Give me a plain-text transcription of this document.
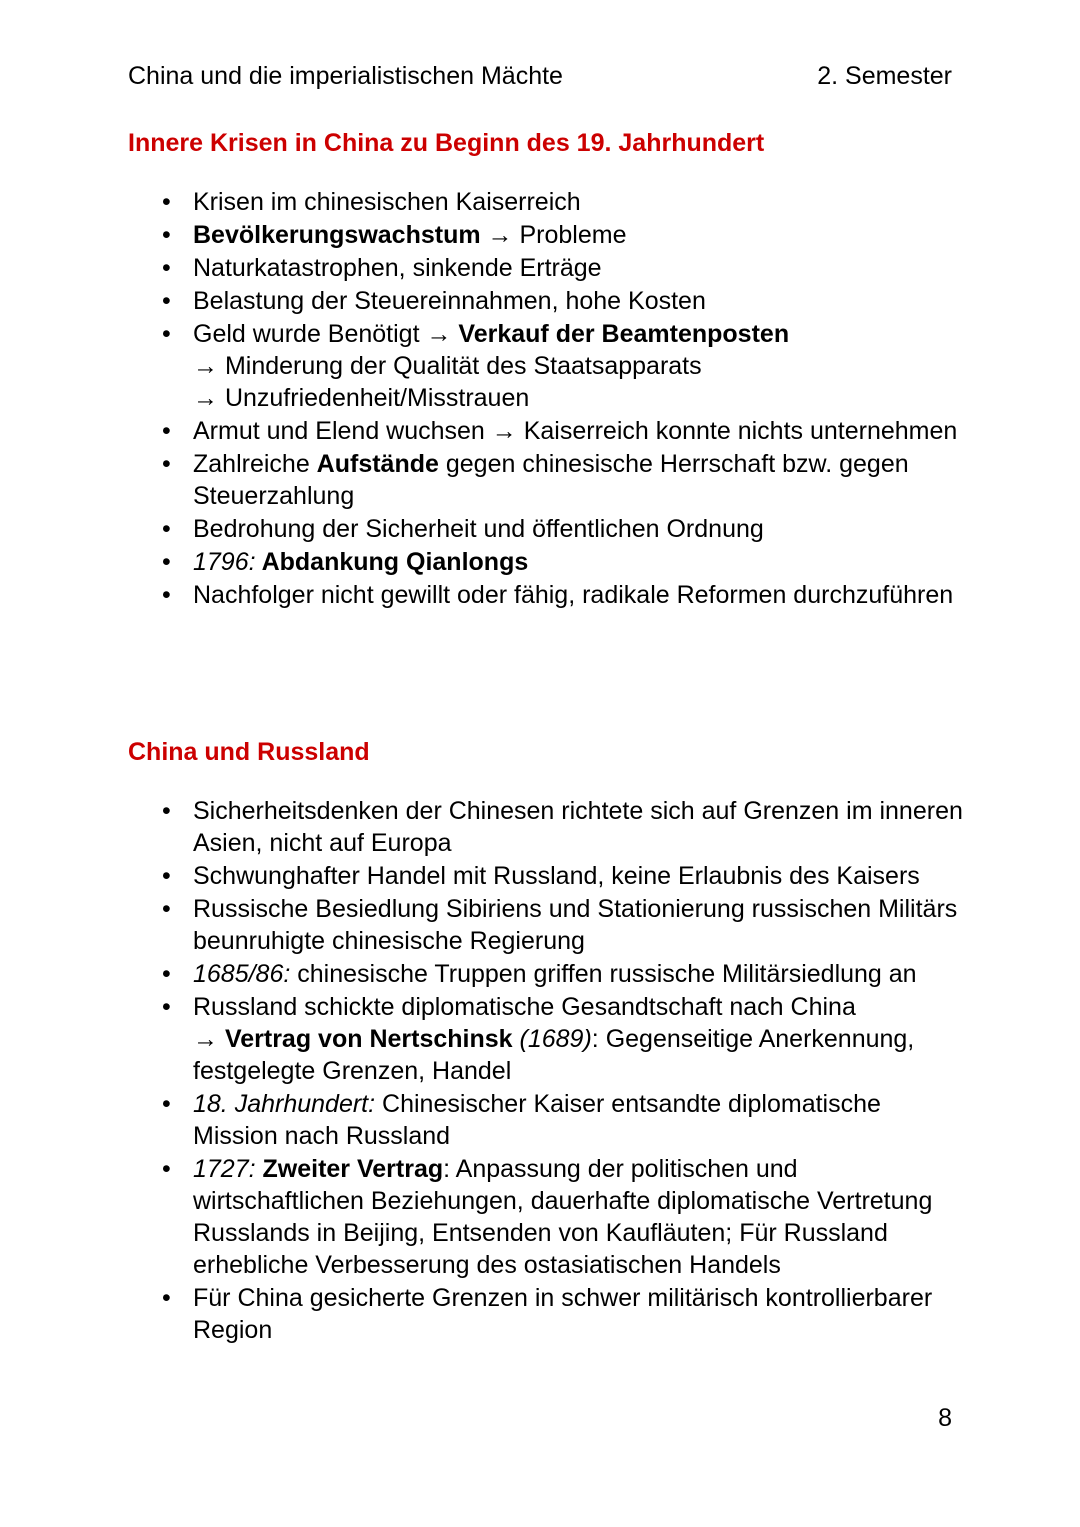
China und die imperialistischen Mächte	2. Semester
Innere Krisen in China zu Beginn des 19. Jahrhundert
• Krisen im chinesischen Kaiserreich
• Bevölkerungswachstum → Probleme
• Naturkatastrophen, sinkende Erträge
• Belastung der Steuereinnahmen, hohe Kosten
• Geld wurde Benötigt → Verkauf der Beamtenposten
→ Minderung der Qualität des Staatsapparats
→ Unzufriedenheit/Misstrauen
• Armut und Elend wuchsen → Kaiserreich konnte nichts unternehmen
• Zahlreiche Aufstände gegen chinesische Herrschaft bzw. gegen Steuerzahlung
• Bedrohung der Sicherheit und öffentlichen Ordnung
• 1796: Abdankung Qianlongs
• Nachfolger nicht gewillt oder fähig, radikale Reformen durchzuführen
China und Russland
• Sicherheitsdenken der Chinesen richtete sich auf Grenzen im inneren Asien, nicht auf Europa
• Schwunghafter Handel mit Russland, keine Erlaubnis des Kaisers
• Russische Besiedlung Sibiriens und Stationierung russischen Militärs beunruhigte chinesische Regierung
• 1685/86: chinesische Truppen griffen russische Militärsiedlung an
• Russland schickte diplomatische Gesandtschaft nach China
→ Vertrag von Nertschinsk (1689): Gegenseitige Anerkennung, festgelegte Grenzen, Handel
• 18. Jahrhundert: Chinesischer Kaiser entsandte diplomatische Mission nach Russland
• 1727: Zweiter Vertrag: Anpassung der politischen und wirtschaftlichen Beziehungen, dauerhafte diplomatische Vertretung Russlands in Beijing, Entsenden von Kaufläuten; Für Russland erhebliche Verbesserung des ostasiatischen Handels
• Für China gesicherte Grenzen in schwer militärisch kontrollierbarer Region
8
